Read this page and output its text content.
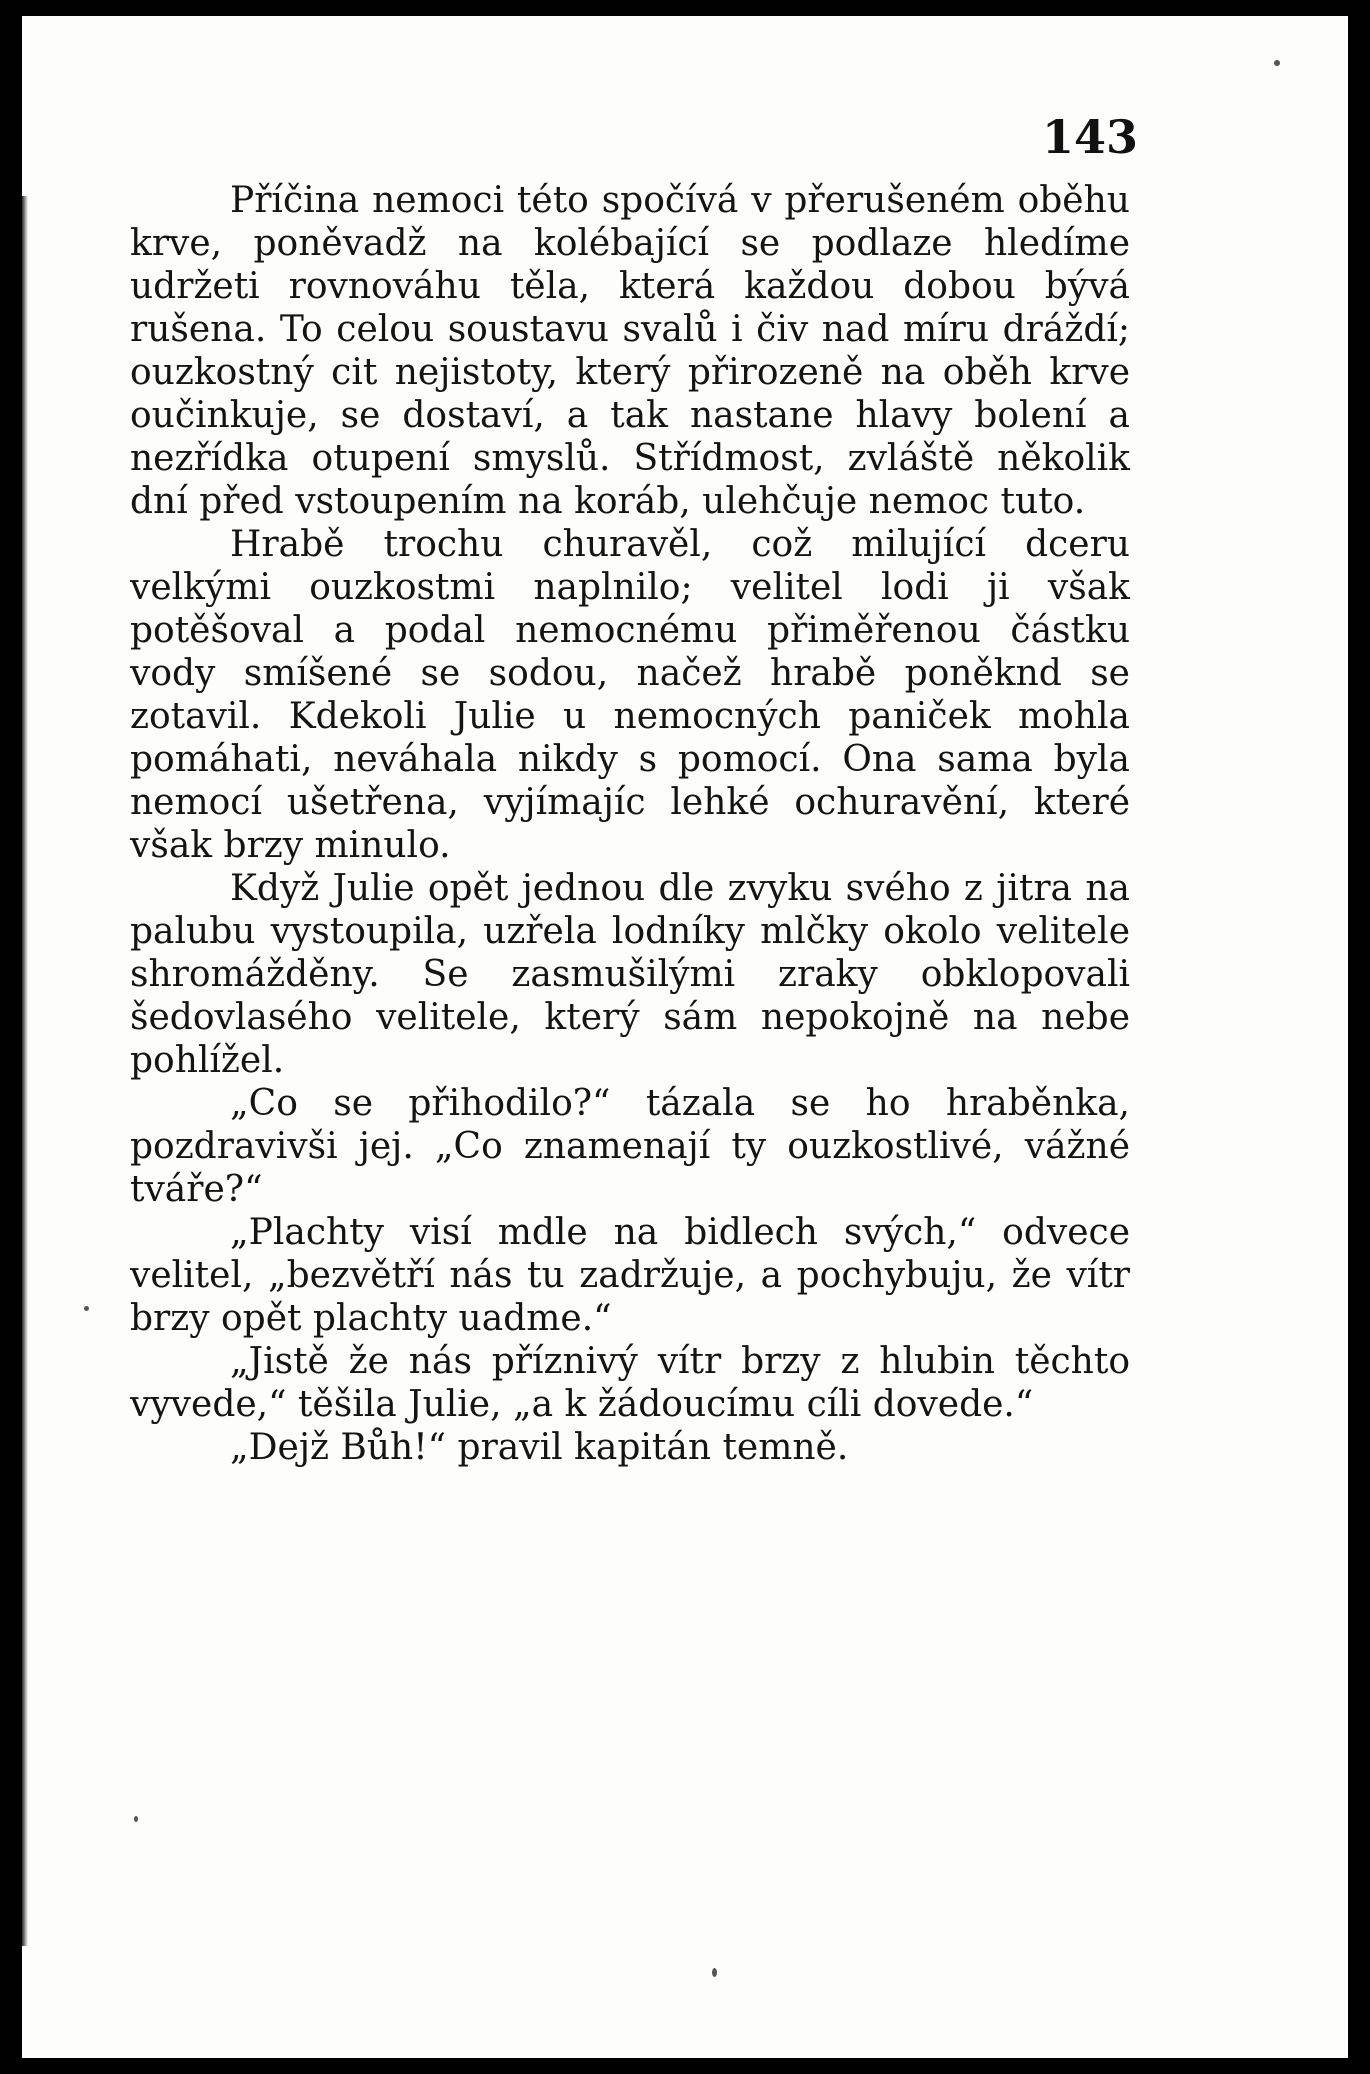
143

Příčina nemoci této spočívá v přerušeném oběhu krve, poněvadž na kolébající se podlaze hledíme udržeti rovnováhu těla, která každou dobou bývá rušena. To celou soustavu svalů i čiv nad míru dráždí; ouzkostný cit nejistoty, který přirozeně na oběh krve oučinkuje, se dostaví, a tak nastane hlavy bolení a nezřídka otupení smyslů. Střídmost, zvláště několik dní před vstoupením na koráb, ulehčuje nemoc tuto.

Hrabě trochu churavěl, což milující dceru velkými ouzkostmi naplnilo; velitel lodi ji však potěšoval a podal nemocnému přiměřenou částku vody smíšené se sodou, načež hrabě poněknd se zotavil. Kdekoli Julie u nemocných paniček mohla pomáhati, neváhala nikdy s pomocí. Ona sama byla nemocí ušetřena, vyjímajíc lehké ochuravění, které však brzy minulo.

Když Julie opět jednou dle zvyku svého z jitra na palubu vystoupila, uzřela lodníky mlčky okolo velitele shromážděny. Se zasmušilými zraky obklopovali šedovlasého velitele, který sám nepokojně na nebe pohlížel.

„Co se přihodilo?“ tázala se ho hraběnka, pozdravivši jej. „Co znamenají ty ouzkostlivé, vážné tváře?“

„Plachty visí mdle na bidlech svých,“ odvece velitel, „bezvětří nás tu zadržuje, a pochybuju, že vítr brzy opět plachty uadme.“

„Jistě že nás příznivý vítr brzy z hlubin těchto vyvede,“ těšila Julie, „a k žádoucímu cíli dovede.“

„Dejž Bůh!“ pravil kapitán temně.
